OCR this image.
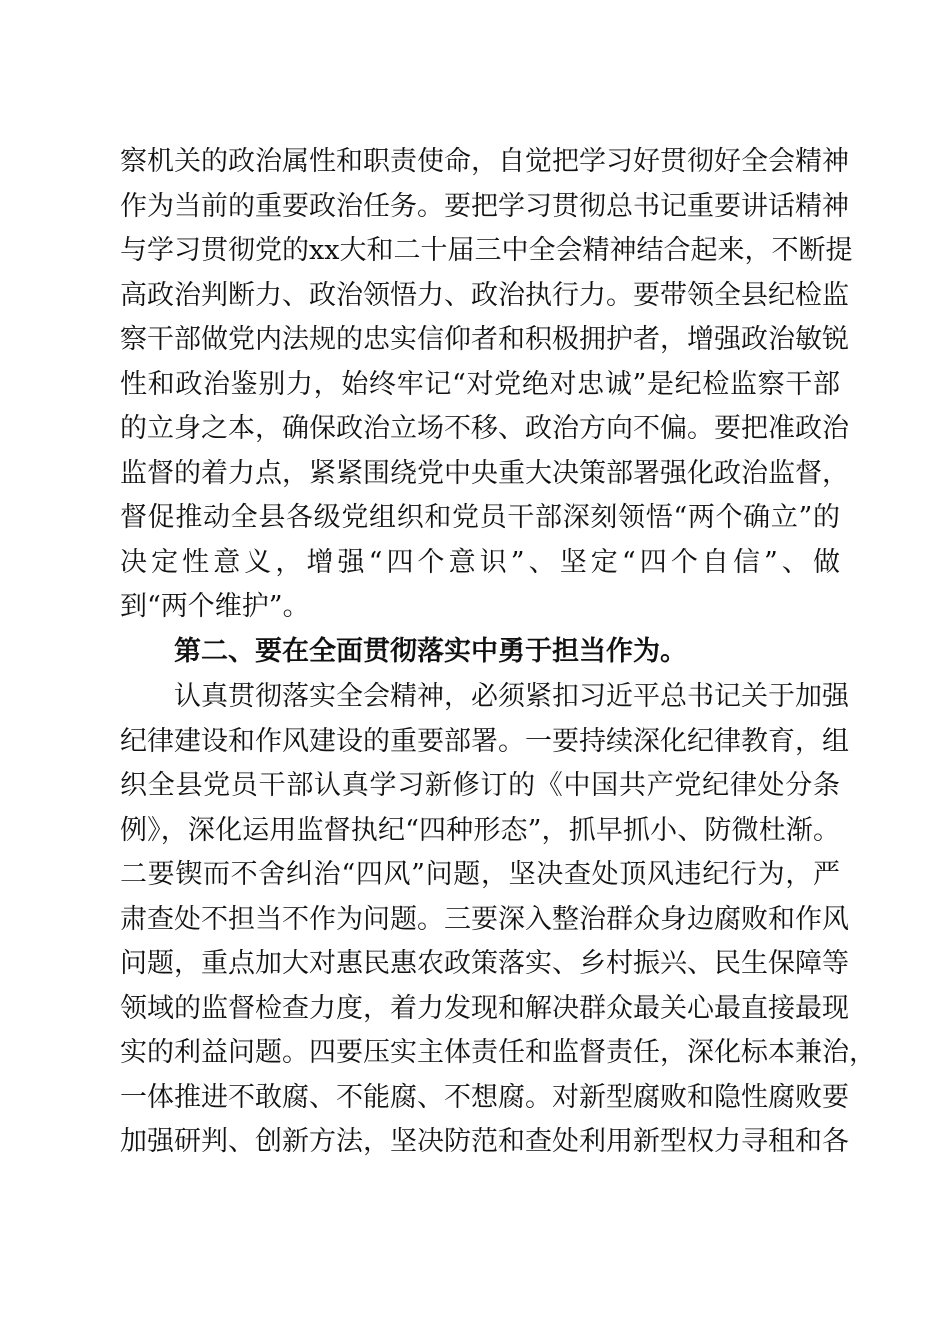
察机关的政治属性和职责使命，自觉把学习好贯彻好全会精神
作为当前的重要政治任务。要把学习贯彻总书记重要讲话精神
与学习贯彻党的xx大和二十届三中全会精神结合起来，不断提
高政治判断力、政治领悟力、政治执行力。要带领全县纪检监
察干部做党内法规的忠实信仰者和积极拥护者，增强政治敏锐
性和政治鉴别力，始终牢记“对党绝对忠诚”是纪检监察干部
的立身之本，确保政治立场不移、政治方向不偏。要把准政治
监督的着力点，紧紧围绕党中央重大决策部署强化政治监督，
督促推动全县各级党组织和党员干部深刻领悟“两个确立”的
决定性意义，增强“四个意识”、坚定“四个自信”、做
到“两个维护”。
第二、要在全面贯彻落实中勇于担当作为。
认真贯彻落实全会精神，必须紧扣习近平总书记关于加强
纪律建设和作风建设的重要部署。一要持续深化纪律教育，组
织全县党员干部认真学习新修订的《中国共产党纪律处分条
例》，深化运用监督执纪“四种形态”，抓早抓小、防微杜渐。
二要锲而不舍纠治“四风”问题，坚决查处顶风违纪行为，严
肃查处不担当不作为问题。三要深入整治群众身边腐败和作风
问题，重点加大对惠民惠农政策落实、乡村振兴、民生保障等
领域的监督检查力度，着力发现和解决群众最关心最直接最现
实的利益问题。四要压实主体责任和监督责任，深化标本兼治，
一体推进不敢腐、不能腐、不想腐。对新型腐败和隐性腐败要
加强研判、创新方法，坚决防范和查处利用新型权力寻租和各
